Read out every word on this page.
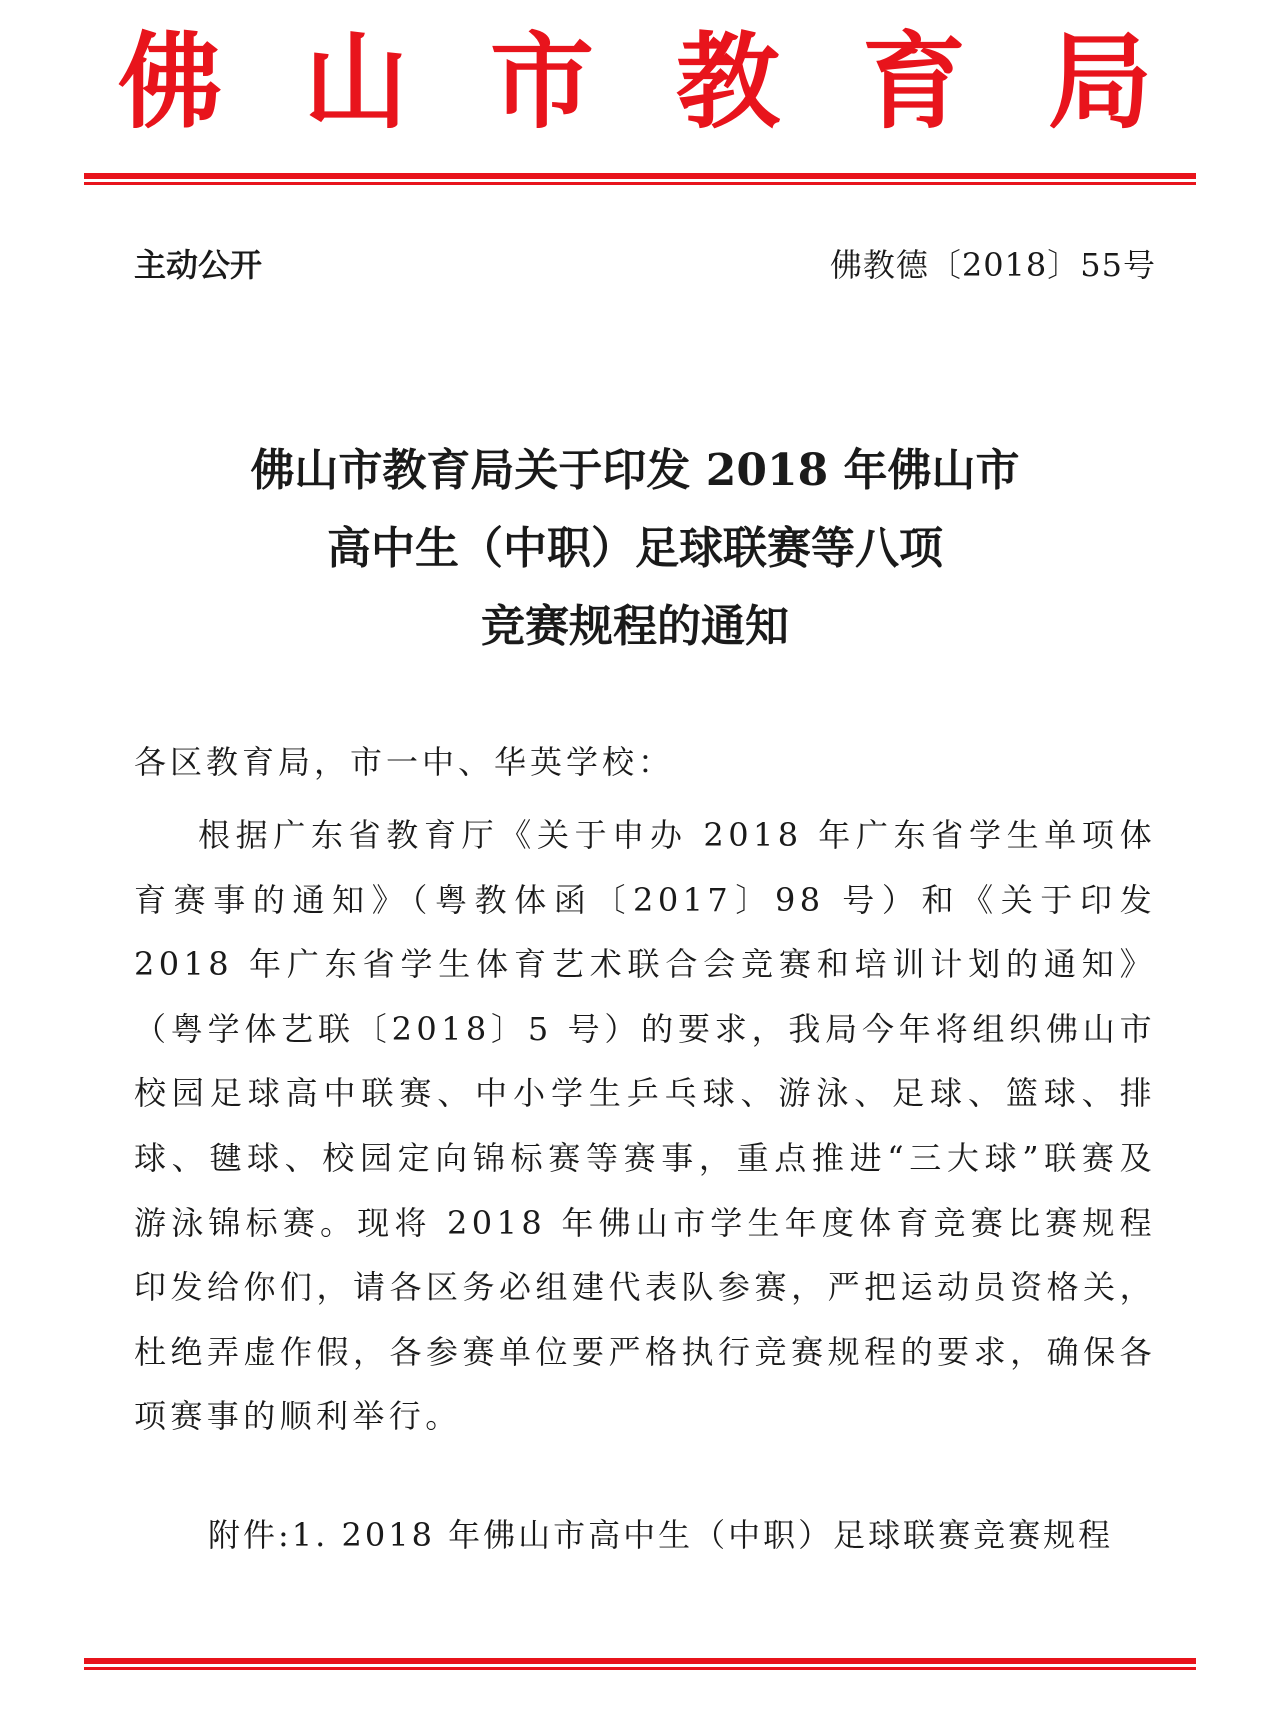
佛 山 市 教 育 局
主动公开	佛教德〔2018〕55号
佛山市教育局关于印发 2018 年佛山市
高中生（中职）足球联赛等八项
竞赛规程的通知
各区教育局，市一中、华英学校：
根据广东省教育厅《关于申办 2018 年广东省学生单项体育赛事的通知》（粤教体函〔2017〕98 号）和《关于印发 2018 年广东省学生体育艺术联合会竞赛和培训计划的通知》（粤学体艺联〔2018〕5 号）的要求，我局今年将组织佛山市校园足球高中联赛、中小学生乒乓球、游泳、足球、篮球、排球、毽球、校园定向锦标赛等赛事，重点推进“三大球”联赛及游泳锦标赛。现将 2018 年佛山市学生年度体育竞赛比赛规程印发给你们，请各区务必组建代表队参赛，严把运动员资格关，杜绝弄虚作假，各参赛单位要严格执行竞赛规程的要求，确保各项赛事的顺利举行。
附件:1. 2018 年佛山市高中生（中职）足球联赛竞赛规程
